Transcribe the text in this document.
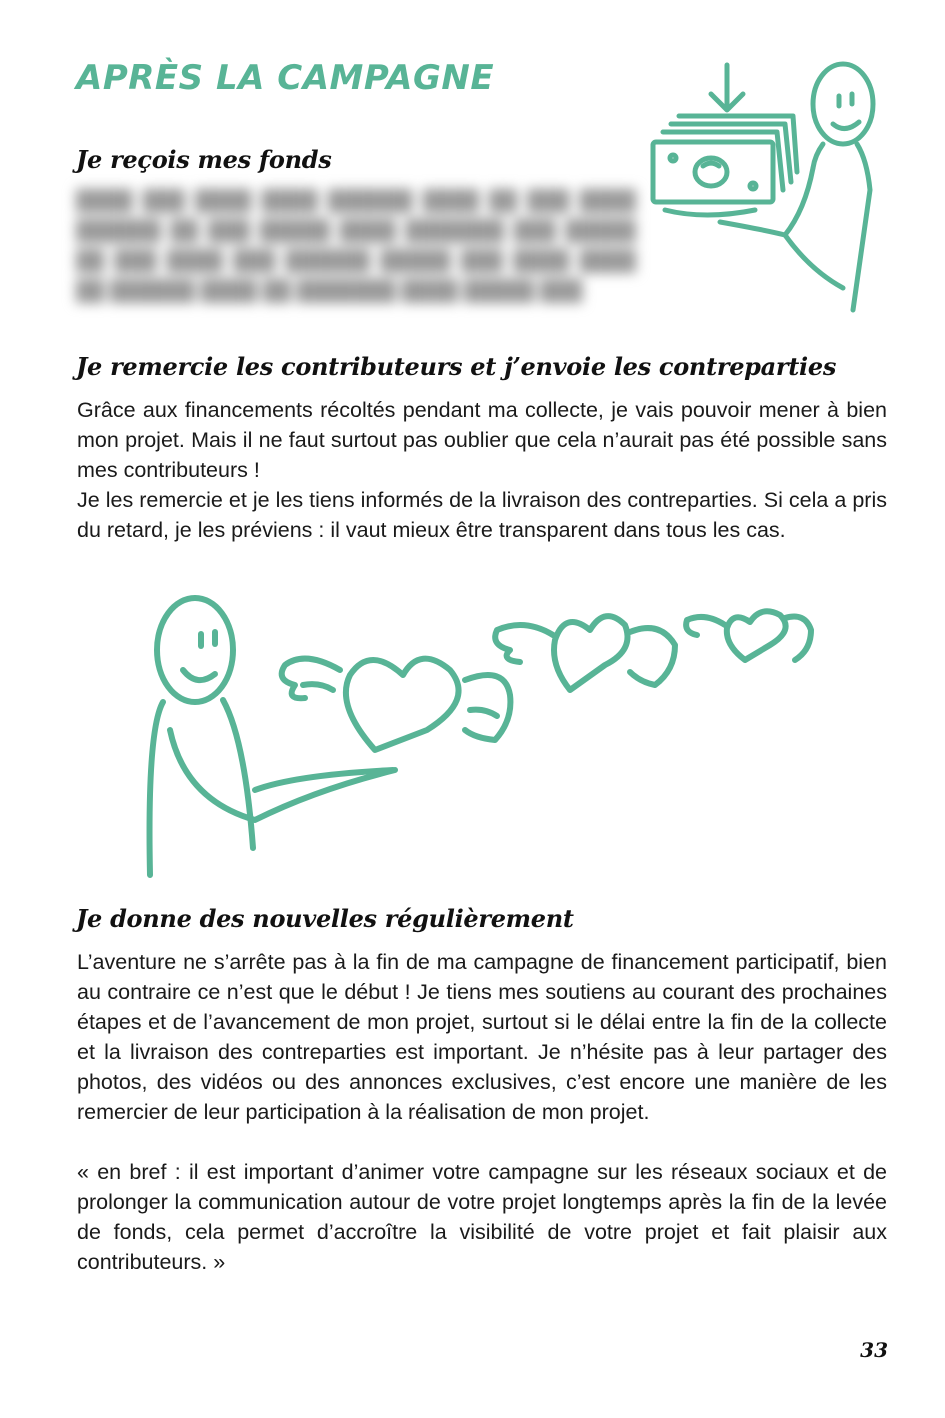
APRÈS LA CAMPAGNE
Je reçois mes fonds
████ ███ ████ ████ ██████ ████ ██ ███ ████ ██████ ██ ███ █████ ████ ███████ ███ █████ ██ ███ ████ ███ ██████ █████ ███ ████ ████ ██ ██████ ████ ██ ███████ ████ █████ ███
Je remercie les contributeurs et j’envoie les contreparties

Grâce aux financements récoltés pendant ma collecte, je vais pouvoir mener à bien mon projet. Mais il ne faut surtout pas oublier que cela n’aurait pas été possible sans mes contributeurs !

Je les remercie et je les tiens informés de la livraison des contreparties. Si cela a pris du retard, je les préviens : il vaut mieux être transparent dans tous les cas.

Je donne des nouvelles régulièrement

L’aventure ne s’arrête pas à la fin de ma campagne de financement participatif, bien au contraire ce n’est que le début ! Je tiens mes soutiens au courant des prochaines étapes et de l’avancement de mon projet, surtout si le délai entre la fin de la collecte et la livraison des contreparties est important. Je n’hésite pas à leur partager des photos, des vidéos ou des annonces exclusives, c’est encore une manière de les remercier de leur participation à la réalisation de mon projet.

« en bref : il est important d’animer votre campagne sur les réseaux sociaux et de prolonger la communication autour de votre projet longtemps après la fin de la levée de fonds, cela permet d’accroître la visibilité de votre projet et fait plaisir aux contributeurs. »

33
